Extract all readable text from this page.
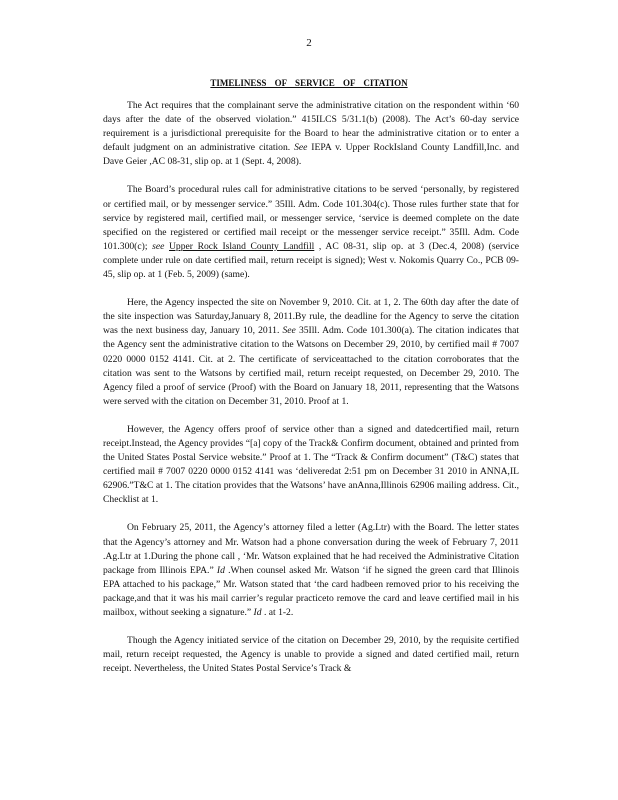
2
TIMELINESS OF SERVICE OF CITATION

The Act requires that the complainant serve the administrative citation on the respondent within ‘60 days after the date of the observed violation.” 415ILCS 5/31.1(b) (2008). The Act’s 60-day service requirement is a jurisdictional prerequisite for the Board to hear the administrative citation or to enter a default judgment on an administrative citation. See IEPA v. Upper RockIsland County Landfill,Inc. and Dave Geier ,AC 08-31, slip op. at 1 (Sept. 4, 2008).

The Board’s procedural rules call for administrative citations to be served ‘personally, by registered or certified mail, or by messenger service.” 35Ill. Adm. Code 101.304(c). Those rules further state that for service by registered mail, certified mail, or messenger service, ‘service is deemed complete on the date specified on the registered or certified mail receipt or the messenger service receipt.” 35Ill. Adm. Code 101.300(c); see Upper Rock Island County Landfill , AC 08-31, slip op. at 3 (Dec.4, 2008) (service complete under rule on date certified mail, return receipt is signed); West v. Nokomis Quarry Co., PCB 09-45, slip op. at 1 (Feb. 5, 2009) (same).

Here, the Agency inspected the site on November 9, 2010. Cit. at 1, 2. The 60th day after the date of the site inspection was Saturday,January 8, 2011.By rule, the deadline for the Agency to serve the citation was the next business day, January 10, 2011. See 35Ill. Adm. Code 101.300(a). The citation indicates that the Agency sent the administrative citation to the Watsons on December 29, 2010, by certified mail # 7007 0220 0000 0152 4141. Cit. at 2. The certificate of serviceattached to the citation corroborates that the citation was sent to the Watsons by certified mail, return receipt requested, on December 29, 2010. The Agency filed a proof of service (Proof) with the Board on January 18, 2011, representing that the Watsons were served with the citation on December 31, 2010. Proof at 1.

However, the Agency offers proof of service other than a signed and datedcertified mail, return receipt.Instead, the Agency provides “[a] copy of the Track& Confirm document, obtained and printed from the United States Postal Service website.” Proof at 1. The “Track & Confirm document” (T&C) states that certified mail # 7007 0220 0000 0152 4141 was ‘deliveredat 2:51 pm on December 31 2010 in ANNA,IL 62906.”T&C at 1. The citation provides that the Watsons’ have anAnna,Illinois 62906 mailing address. Cit., Checklist at 1.

On February 25, 2011, the Agency’s attorney filed a letter (Ag.Ltr) with the Board. The letter states that the Agency’s attorney and Mr. Watson had a phone conversation during the week of February 7, 2011 .Ag.Ltr at 1.During the phone call , ‘Mr. Watson explained that he had received the Administrative Citation package from Illinois EPA.” Id .When counsel asked Mr. Watson ‘if he signed the green card that Illinois EPA attached to his package,” Mr. Watson stated that ‘the card hadbeen removed prior to his receiving the package,and that it was his mail carrier’s regular practiceto remove the card and leave certified mail in his mailbox, without seeking a signature.” Id . at 1-2.

Though the Agency initiated service of the citation on December 29, 2010, by the requisite certified mail, return receipt requested, the Agency is unable to provide a signed and dated certified mail, return receipt. Nevertheless, the United States Postal Service’s Track &
